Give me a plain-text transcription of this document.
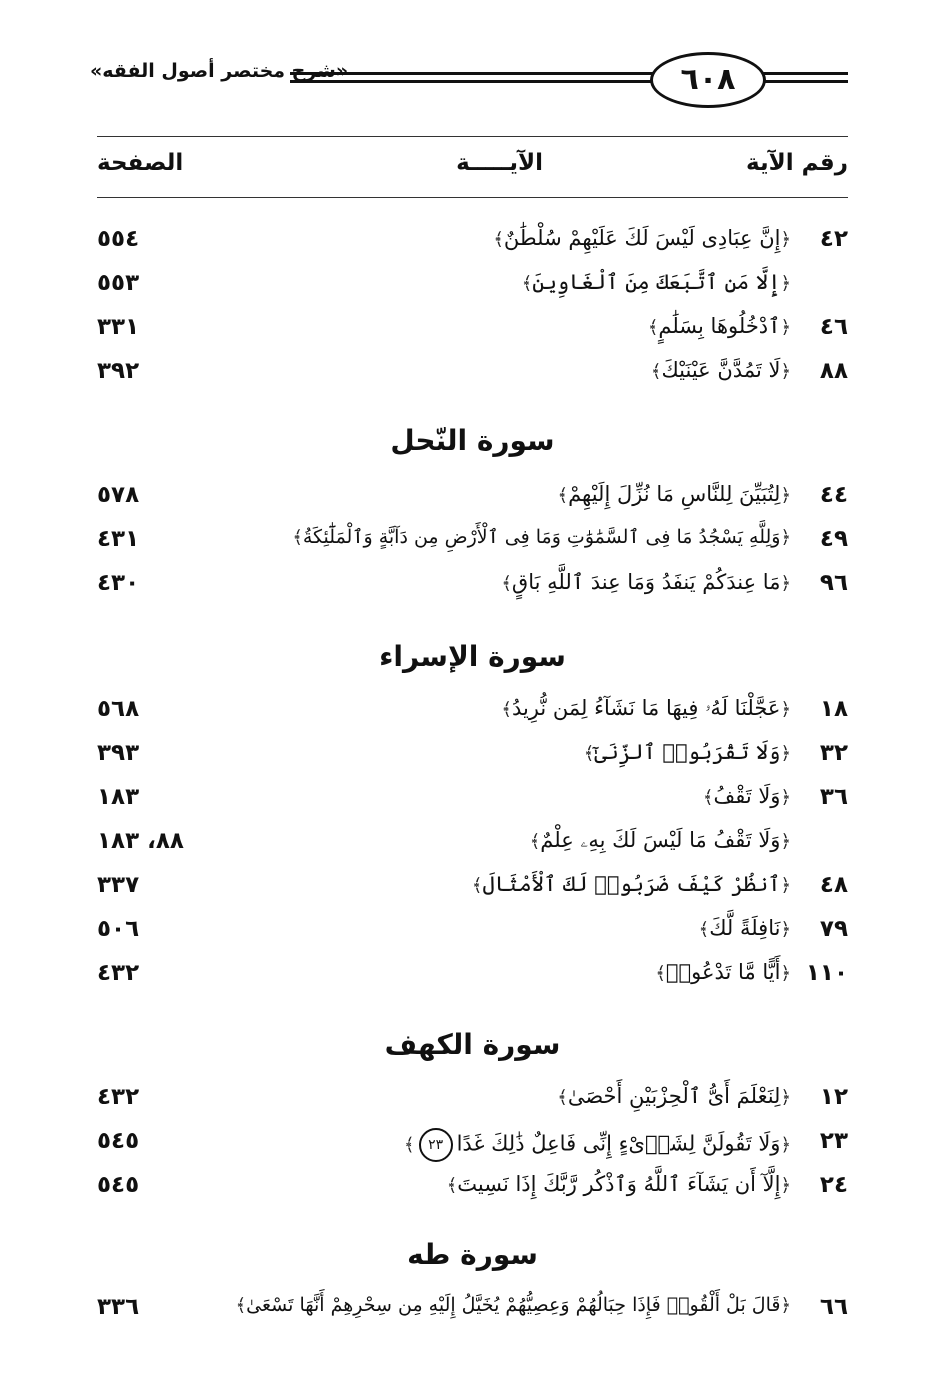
٦٠٨
«شرح مختصر أصول الفقه»
رقم الآية
الآيـــــة
الصفحة
٤٢
﴿إِنَّ عِبَادِى لَيْسَ لَكَ عَلَيْهِمْ سُلْطَٰنٌ﴾
٥٥٤
﴿إِلَّا مَنِ ٱتَّبَعَكَ مِنَ ٱلْغَاوِينَ﴾
٥٥٣
٤٦
﴿ٱدْخُلُوهَا بِسَلَٰمٍ﴾
٣٣١
٨٨
﴿لَا تَمُدَّنَّ عَيْنَيْكَ﴾
٣٩٢
سورة النّحل
٤٤
﴿لِتُبَيِّنَ لِلنَّاسِ مَا نُزِّلَ إِلَيْهِمْ﴾
٥٧٨
٤٩
﴿وَلِلَّهِ يَسْجُدُ مَا فِى ٱلسَّمَٰوَٰتِ وَمَا فِى ٱلْأَرْضِ مِن دَآبَّةٍ وَٱلْمَلَٰٓئِكَةُ﴾
٤٣١
٩٦
﴿مَا عِندَكُمْ يَنفَدُ وَمَا عِندَ ٱللَّهِ بَاقٍ﴾
٤٣٠
سورة الإسراء
١٨
﴿عَجَّلْنَا لَهُۥ فِيهَا مَا نَشَآءُ لِمَن نُّرِيدُ﴾
٥٦٨
٣٢
﴿وَلَا تَقْرَبُوا۟ ٱلزِّنَىٰٓ﴾
٣٩٣
٣٦
﴿وَلَا تَقْفُ﴾
١٨٣
﴿وَلَا تَقْفُ مَا لَيْسَ لَكَ بِهِۦ عِلْمٌ﴾
٨٨، ١٨٣
٤٨
﴿ٱنظُرْ كَيْفَ ضَرَبُوا۟ لَكَ ٱلْأَمْثَالَ﴾
٣٣٧
٧٩
﴿نَافِلَةً لَّكَ﴾
٥٠٦
١١٠
﴿أَيًّا مَّا تَدْعُوا۟﴾
٤٣٢
سورة الكهف
١٢
﴿لِنَعْلَمَ أَىُّ ٱلْحِزْبَيْنِ أَحْصَىٰ﴾
٤٣٢
٢٣
﴿وَلَا تَقُولَنَّ لِشَا۟ىْءٍ إِنِّى فَاعِلٌ ذَٰلِكَ غَدًا٢٣﴾
٥٤٥
٢٤
﴿إِلَّآ أَن يَشَآءَ ٱللَّهُ وَٱذْكُر رَّبَّكَ إِذَا نَسِيتَ﴾
٥٤٥
سورة طه
٦٦
﴿قَالَ بَلْ أَلْقُوا۟ فَإِذَا حِبَالُهُمْ وَعِصِيُّهُمْ يُخَيَّلُ إِلَيْهِ مِن سِحْرِهِمْ أَنَّهَا تَسْعَىٰ﴾
٣٣٦
